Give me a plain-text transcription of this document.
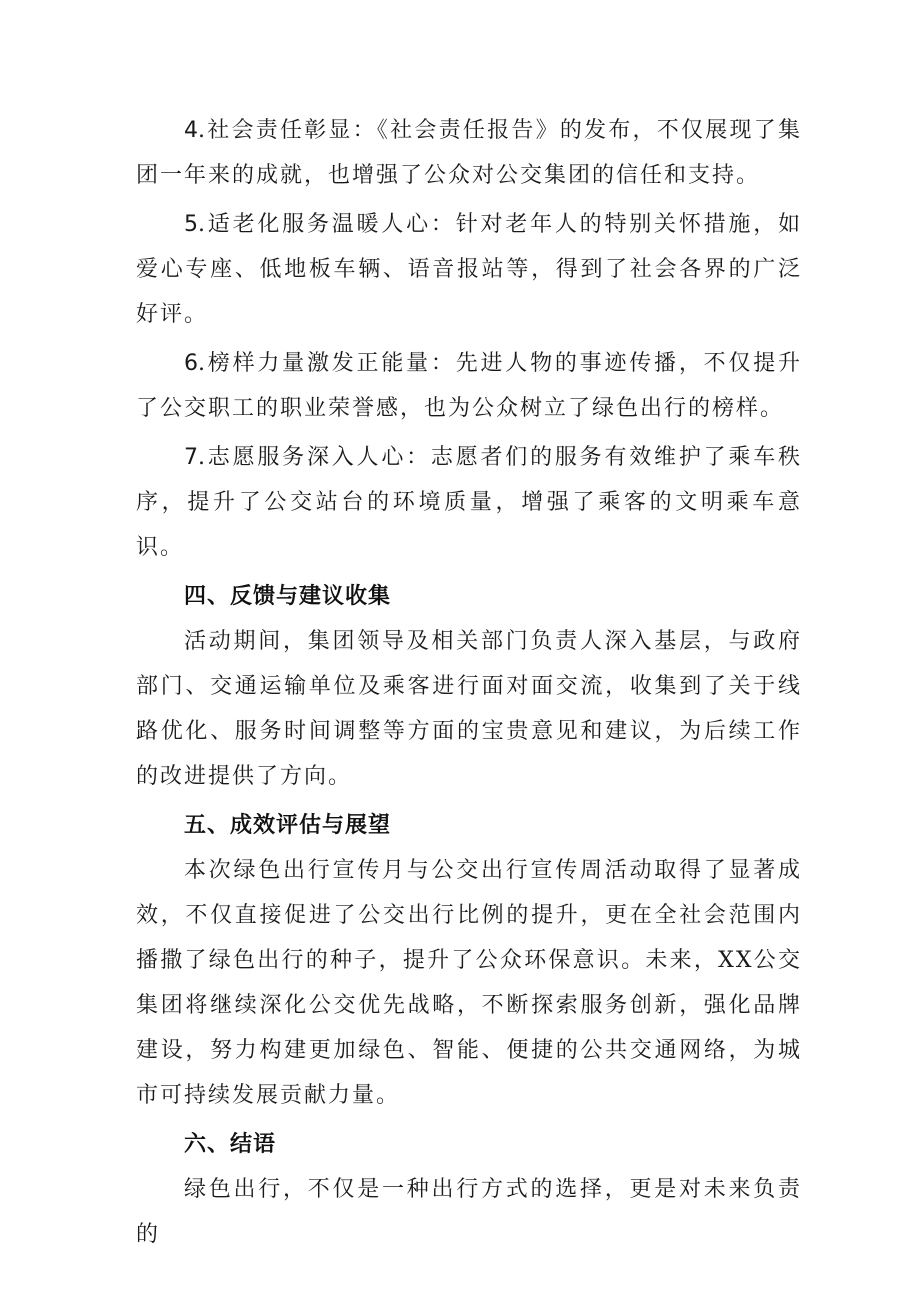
4.社会责任彰显：《社会责任报告》的发布，不仅展现了集团一年来的成就，也增强了公众对公交集团的信任和支持。

5.适老化服务温暖人心：针对老年人的特别关怀措施，如爱心专座、低地板车辆、语音报站等，得到了社会各界的广泛好评。

6.榜样力量激发正能量：先进人物的事迹传播，不仅提升了公交职工的职业荣誉感，也为公众树立了绿色出行的榜样。

7.志愿服务深入人心：志愿者们的服务有效维护了乘车秩序，提升了公交站台的环境质量，增强了乘客的文明乘车意识。

四、反馈与建议收集

活动期间，集团领导及相关部门负责人深入基层，与政府部门、交通运输单位及乘客进行面对面交流，收集到了关于线路优化、服务时间调整等方面的宝贵意见和建议，为后续工作的改进提供了方向。

五、成效评估与展望

本次绿色出行宣传月与公交出行宣传周活动取得了显著成效，不仅直接促进了公交出行比例的提升，更在全社会范围内播撒了绿色出行的种子，提升了公众环保意识。未来，XX公交集团将继续深化公交优先战略，不断探索服务创新，强化品牌建设，努力构建更加绿色、智能、便捷的公共交通网络，为城市可持续发展贡献力量。

六、结语

绿色出行，不仅是一种出行方式的选择，更是对未来负责的
